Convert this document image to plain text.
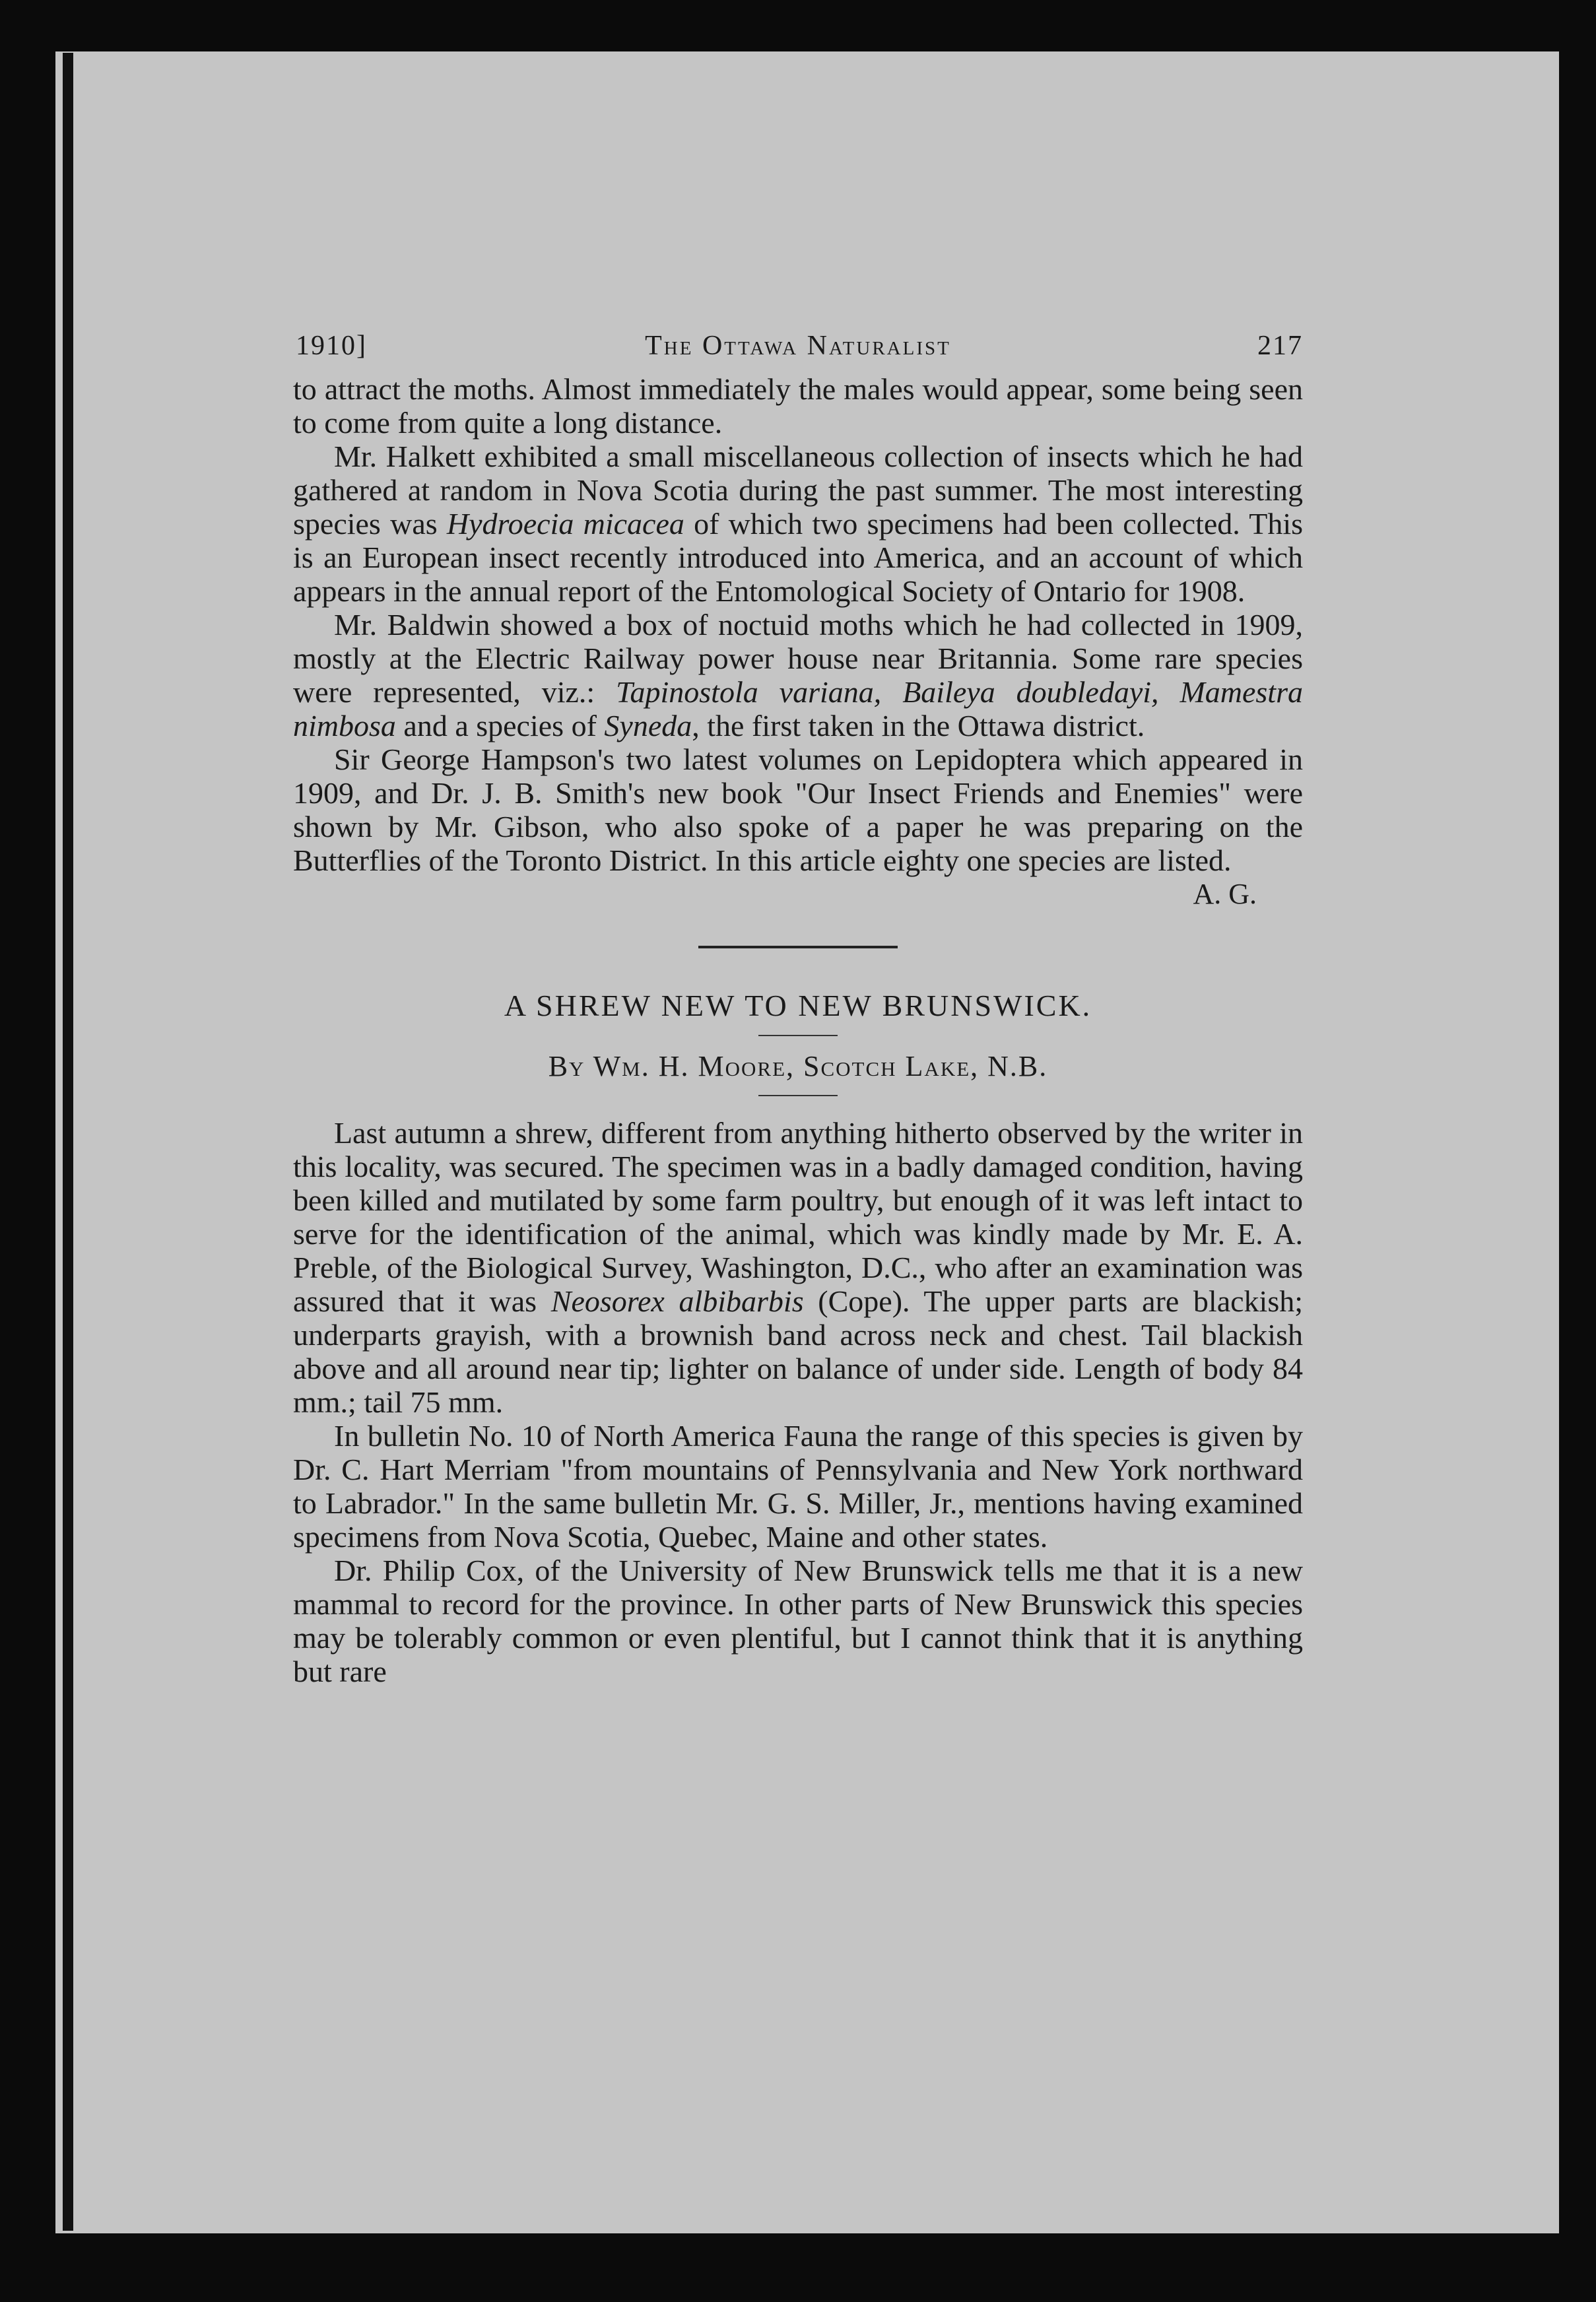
1910]	The Ottawa Naturalist	217

to attract the moths. Almost immediately the males would appear, some being seen to come from quite a long distance.

Mr. Halkett exhibited a small miscellaneous collection of insects which he had gathered at random in Nova Scotia during the past summer. The most interesting species was Hydroecia micacea of which two specimens had been collected. This is an European insect recently introduced into America, and an account of which appears in the annual report of the Entomological Society of Ontario for 1908.

Mr. Baldwin showed a box of noctuid moths which he had collected in 1909, mostly at the Electric Railway power house near Britannia. Some rare species were represented, viz.: Tapinostola variana, Baileya doubledayi, Mamestra nimbosa and a species of Syneda, the first taken in the Ottawa district.

Sir George Hampson's two latest volumes on Lepidoptera which appeared in 1909, and Dr. J. B. Smith's new book "Our Insect Friends and Enemies" were shown by Mr. Gibson, who also spoke of a paper he was preparing on the Butterflies of the Toronto District. In this article eighty one species are listed.

A. G.
A SHREW NEW TO NEW BRUNSWICK.
By Wm. H. Moore, Scotch Lake, N.B.

Last autumn a shrew, different from anything hitherto observed by the writer in this locality, was secured. The specimen was in a badly damaged condition, having been killed and mutilated by some farm poultry, but enough of it was left intact to serve for the identification of the animal, which was kindly made by Mr. E. A. Preble, of the Biological Survey, Washington, D.C., who after an examination was assured that it was Neosorex albibarbis (Cope). The upper parts are blackish; underparts grayish, with a brownish band across neck and chest. Tail blackish above and all around near tip; lighter on balance of under side. Length of body 84 mm.; tail 75 mm.

In bulletin No. 10 of North America Fauna the range of this species is given by Dr. C. Hart Merriam "from mountains of Pennsylvania and New York northward to Labrador." In the same bulletin Mr. G. S. Miller, Jr., mentions having examined specimens from Nova Scotia, Quebec, Maine and other states.

Dr. Philip Cox, of the University of New Brunswick tells me that it is a new mammal to record for the province. In other parts of New Brunswick this species may be tolerably common or even plentiful, but I cannot think that it is anything but rare
